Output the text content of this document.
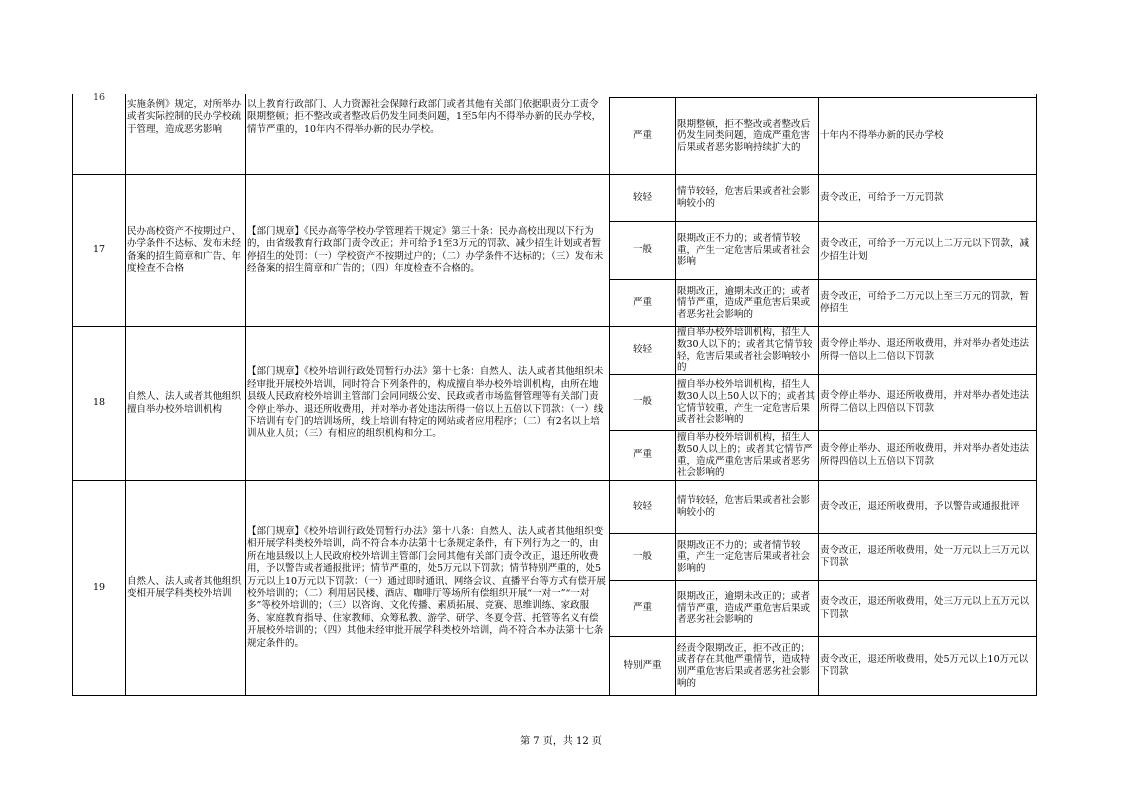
16
实施条例》规定，对所举办或者实际控制的民办学校疏于管理，造成恶劣影响
以上教育行政部门、人力资源社会保障行政部门或者其他有关部门依据职责分工责令限期整顿；拒不整改或者整改后仍发生同类问题，1至5年内不得举办新的民办学校，情节严重的，10年内不得举办新的民办学校。
严重
限期整顿，拒不整改或者整改后仍发生同类问题，造成严重危害后果或者恶劣影响持续扩大的
十年内不得举办新的民办学校
17
民办高校资产不按期过户、办学条件不达标、发布未经备案的招生简章和广告、年度检查不合格
【部门规章】《民办高等学校办学管理若干规定》第三十条：民办高校出现以下行为的，由省级教育行政部门责令改正；并可给予1至3万元的罚款、减少招生计划或者暂停招生的处罚：（一）学校资产不按期过户的；（二）办学条件不达标的；（三）发布未经备案的招生简章和广告的；（四）年度检查不合格的。
较轻	情节较轻，危害后果或者社会影响较小的
责令改正，可给予一万元罚款
一般
限期改正不力的；或者情节较重，产生一定危害后果或者社会影响
责令改正，可给予一万元以上二万元以下罚款，减少招生计划
严重
限期改正，逾期未改正的；或者情节严重，造成严重危害后果或者恶劣社会影响的
责令改正，可给予二万元以上至三万元的罚款，暂停招生
18
自然人、法人或者其他组织擅自举办校外培训机构
【部门规章】《校外培训行政处罚暂行办法》第十七条：自然人、法人或者其他组织未经审批开展校外培训，同时符合下列条件的，构成擅自举办校外培训机构，由所在地县级人民政府校外培训主管部门会同同级公安、民政或者市场监督管理等有关部门责令停止举办、退还所收费用，并对举办者处违法所得一倍以上五倍以下罚款：（一）线下培训有专门的培训场所，线上培训有特定的网站或者应用程序；（二）有2名以上培训从业人员；（三）有相应的组织机构和分工。
较轻
擅自举办校外培训机构，招生人数30人以下的；或者其它情节较轻，危害后果或者社会影响较小的
责令停止举办、退还所收费用，并对举办者处违法所得一倍以上二倍以下罚款
一般
擅自举办校外培训机构，招生人数30人以上50人以下的；或者其它情节较重，产生一定危害后果或者社会影响的
责令停止举办、退还所收费用，并对举办者处违法所得二倍以上四倍以下罚款
严重
擅自举办校外培训机构，招生人数50人以上的；或者其它情节严重，造成严重危害后果或者恶劣社会影响的
责令停止举办、退还所收费用，并对举办者处违法所得四倍以上五倍以下罚款
19
自然人、法人或者其他组织变相开展学科类校外培训
【部门规章】《校外培训行政处罚暂行办法》第十八条：自然人、法人或者其他组织变相开展学科类校外培训，尚不符合本办法第十七条规定条件，有下列行为之一的，由所在地县级以上人民政府校外培训主管部门会同其他有关部门责令改正，退还所收费用，予以警告或者通报批评；情节严重的，处5万元以下罚款；情节特别严重的，处5万元以上10万元以下罚款：（一）通过即时通讯、网络会议、直播平台等方式有偿开展校外培训的；（二）利用居民楼、酒店、咖啡厅等场所有偿组织开展“一对一”“一对多”等校外培训的；（三）以咨询、文化传播、素质拓展、竞赛、思维训练、家政服务、家庭教育指导、住家教师、众筹私教、游学、研学、冬夏令营、托管等名义有偿开展校外培训的；（四）其他未经审批开展学科类校外培训，尚不符合本办法第十七条规定条件的。
较轻	情节较轻，危害后果或者社会影响较小的
责令改正，退还所收费用，予以警告或通报批评
一般
限期改正不力的；或者情节较重，产生一定危害后果或者社会影响的
责令改正，退还所收费用，处一万元以上三万元以下罚款
严重
限期改正，逾期未改正的；或者情节严重，造成严重危害后果或者恶劣社会影响的
责令改正，退还所收费用，处三万元以上五万元以下罚款
特别严重
经责令限期改正，拒不改正的；或者存在其他严重情节，造成特别严重危害后果或者恶劣社会影响的
责令改正，退还所收费用，处5万元以上10万元以下罚款
第 7 页，共 12 页
